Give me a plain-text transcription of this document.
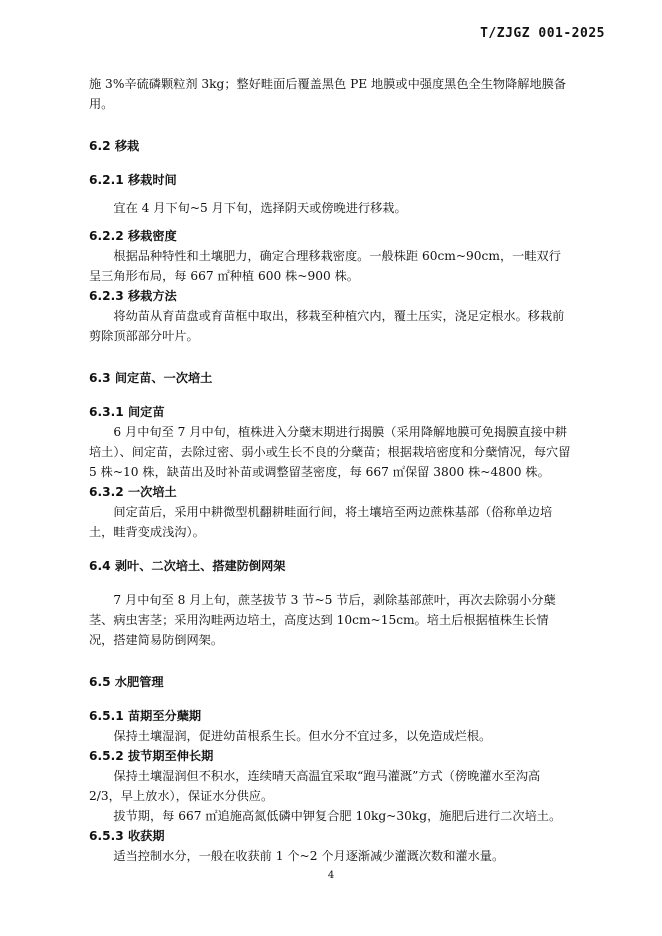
T/ZJGZ 001-2025

施 3%辛硫磷颗粒剂 3kg；整好畦面后覆盖黑色 PE 地膜或中强度黑色全生物降解地膜备用。

6.2 移栽

6.2.1 移栽时间

宜在 4 月下旬~5 月下旬，选择阴天或傍晚进行移栽。

6.2.2 移栽密度

根据品种特性和土壤肥力，确定合理移栽密度。一般株距 60cm~90cm，一畦双行呈三角形布局，每 667 ㎡种植 600 株~900 株。

6.2.3 移栽方法

将幼苗从育苗盘或育苗框中取出，移栽至种植穴内，覆土压实，浇足定根水。移栽前剪除顶部部分叶片。

6.3 间定苗、一次培土

6.3.1 间定苗

6 月中旬至 7 月中旬，植株进入分蘖末期进行揭膜（采用降解地膜可免揭膜直接中耕培土）、间定苗，去除过密、弱小或生长不良的分蘖苗；根据栽培密度和分蘖情况，每穴留 5 株~10 株，缺苗出及时补苗或调整留茎密度，每 667 ㎡保留 3800 株~4800 株。

6.3.2 一次培土

间定苗后，采用中耕微型机翻耕畦面行间，将土壤培至两边蔗株基部（俗称单边培土，畦背变成浅沟）。

6.4 剥叶、二次培土、搭建防倒网架

7 月中旬至 8 月上旬，蔗茎拔节 3 节~5 节后，剥除基部蔗叶，再次去除弱小分蘖茎、病虫害茎；采用沟畦两边培土，高度达到 10cm~15cm。培土后根据植株生长情况，搭建简易防倒网架。

6.5 水肥管理

6.5.1 苗期至分蘖期

保持土壤湿润，促进幼苗根系生长。但水分不宜过多，以免造成烂根。

6.5.2 拔节期至伸长期

保持土壤湿润但不积水，连续晴天高温宜采取“跑马灌溉”方式（傍晚灌水至沟高 2/3，早上放水），保证水分供应。

拔节期，每 667 ㎡追施高氮低磷中钾复合肥 10kg~30kg，施肥后进行二次培土。

6.5.3 收获期

适当控制水分，一般在收获前 1 个~2 个月逐渐减少灌溉次数和灌水量。

4
